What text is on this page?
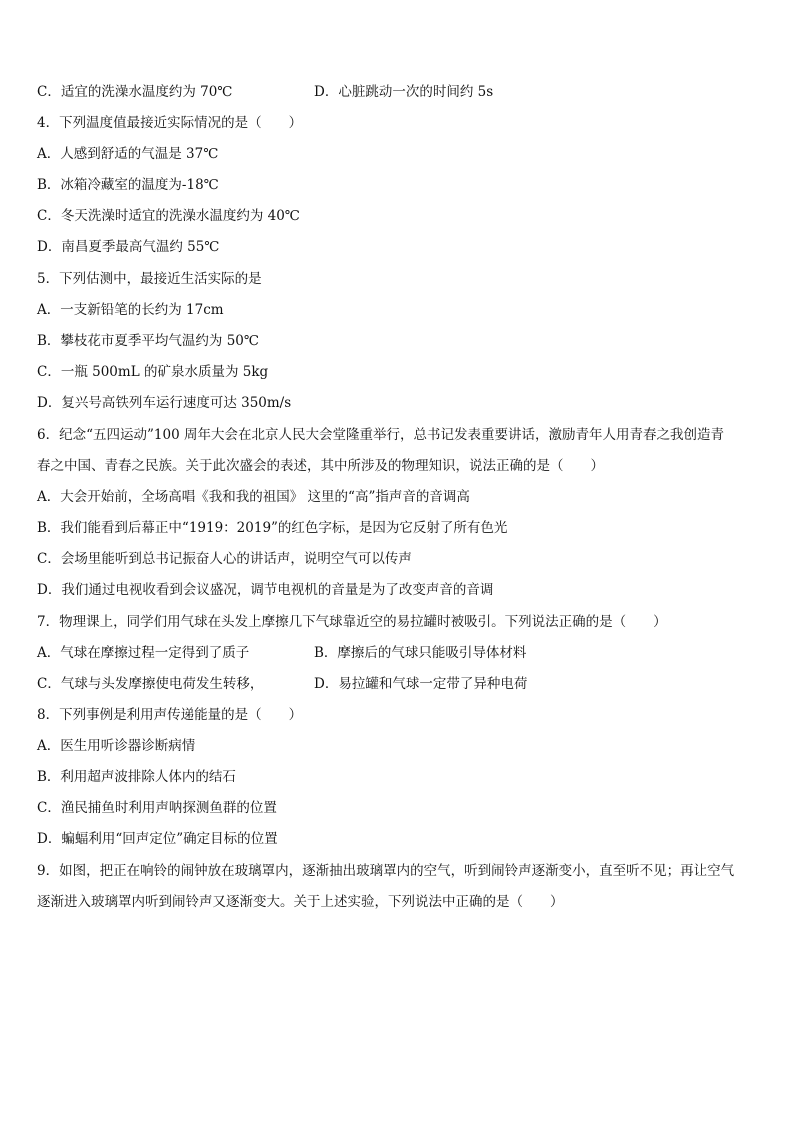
C．适宜的洗澡水温度约为 70℃	D．心脏跳动一次的时间约 5s
4．下列温度值最接近实际情况的是（　　）
A．人感到舒适的气温是 37℃
B．冰箱冷藏室的温度为-18℃
C．冬天洗澡时适宜的洗澡水温度约为 40℃
D．南昌夏季最高气温约 55℃
5．下列估测中，最接近生活实际的是
A．一支新铅笔的长约为 17cm
B．攀枝花市夏季平均气温约为 50℃
C．一瓶 500mL 的矿泉水质量为 5kg
D．复兴号高铁列车运行速度可达 350m/s
6．纪念“五四运动”100 周年大会在北京人民大会堂隆重举行，总书记发表重要讲话，激励青年人用青春之我创造青
春之中国、青春之民族。关于此次盛会的表述，其中所涉及的物理知识，说法正确的是（　　）
A．大会开始前，全场高唱《我和我的祖国》 这里的“高”指声音的音调高
B．我们能看到后幕正中“1919：2019”的红色字标，是因为它反射了所有色光
C．会场里能听到总书记振奋人心的讲话声，说明空气可以传声
D．我们通过电视收看到会议盛况，调节电视机的音量是为了改变声音的音调
7．物理课上，同学们用气球在头发上摩擦几下气球靠近空的易拉罐时被吸引。下列说法正确的是（　　）
A．气球在摩擦过程一定得到了质子	B．摩擦后的气球只能吸引导体材料
C．气球与头发摩擦使电荷发生转移，	D．易拉罐和气球一定带了异种电荷
8．下列事例是利用声传递能量的是（　　）
A．医生用听诊器诊断病情
B．利用超声波排除人体内的结石
C．渔民捕鱼时利用声呐探测鱼群的位置
D．蝙蝠利用“回声定位”确定目标的位置
9．如图，把正在响铃的闹钟放在玻璃罩内，逐渐抽出玻璃罩内的空气，听到闹铃声逐渐变小，直至听不见；再让空气
逐渐进入玻璃罩内听到闹铃声又逐渐变大。关于上述实验，下列说法中正确的是（　　）
